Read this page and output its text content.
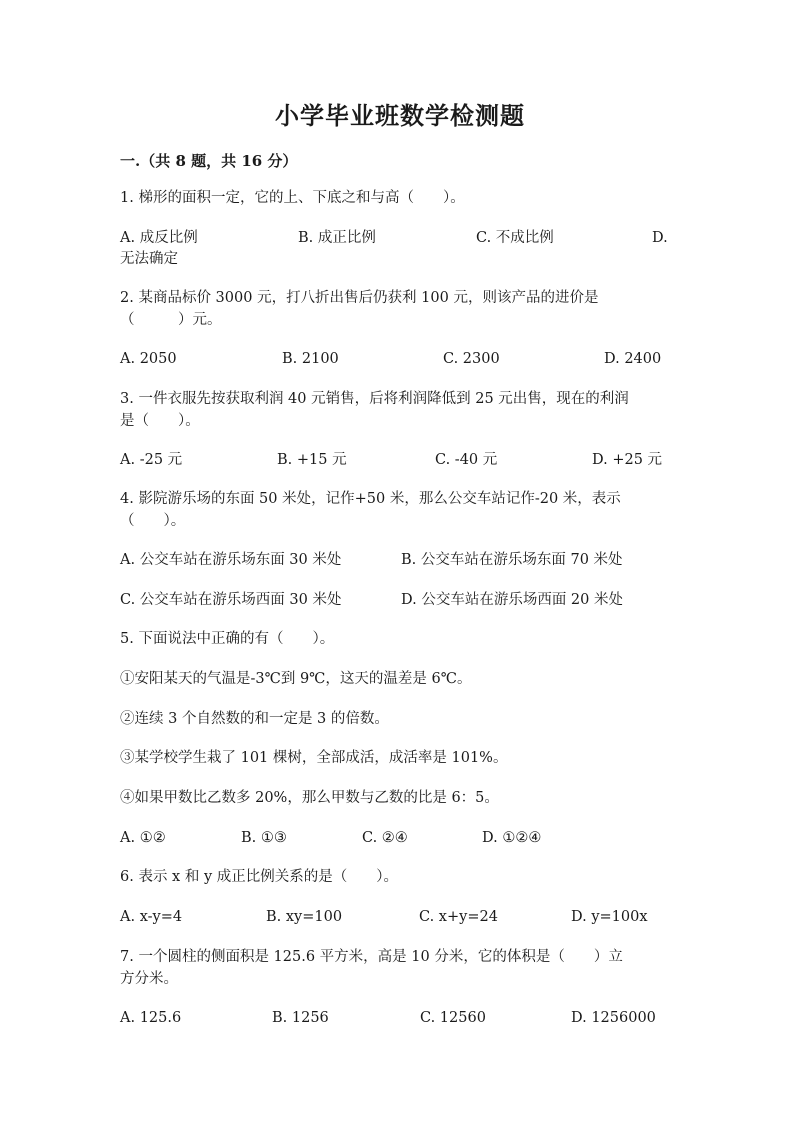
小学毕业班数学检测题
一.（共 8 题，共 16 分）
1. 梯形的面积一定，它的上、下底之和与高（　　）。
A. 成反比例	B. 成正比例	C. 不成比例	D.
无法确定
2. 某商品标价 3000 元，打八折出售后仍获利 100 元，则该产品的进价是
（　　　）元。
A. 2050	B. 2100	C. 2300	D. 2400
3. 一件衣服先按获取利润 40 元销售，后将利润降低到 25 元出售，现在的利润
是（　　）。
A. -25 元	B. +15 元	C. -40 元	D. +25 元
4. 影院游乐场的东面 50 米处，记作+50 米，那么公交车站记作-20 米，表示
（　　）。
A. 公交车站在游乐场东面 30 米处	B. 公交车站在游乐场东面 70 米处
C. 公交车站在游乐场西面 30 米处	D. 公交车站在游乐场西面 20 米处
5. 下面说法中正确的有（　　）。
①安阳某天的气温是-3℃到 9℃，这天的温差是 6℃。
②连续 3 个自然数的和一定是 3 的倍数。
③某学校学生栽了 101 棵树，全部成活，成活率是 101%。
④如果甲数比乙数多 20%，那么甲数与乙数的比是 6：5。
A. ①②	B. ①③	C. ②④	D. ①②④
6. 表示 x 和 y 成正比例关系的是（　　）。
A. x-y=4	B. xy=100	C. x+y=24	D. y=100x
7. 一个圆柱的侧面积是 125.6 平方米，高是 10 分米，它的体积是（　　）立
方分米。
A. 125.6	B. 1256	C. 12560	D. 1256000
